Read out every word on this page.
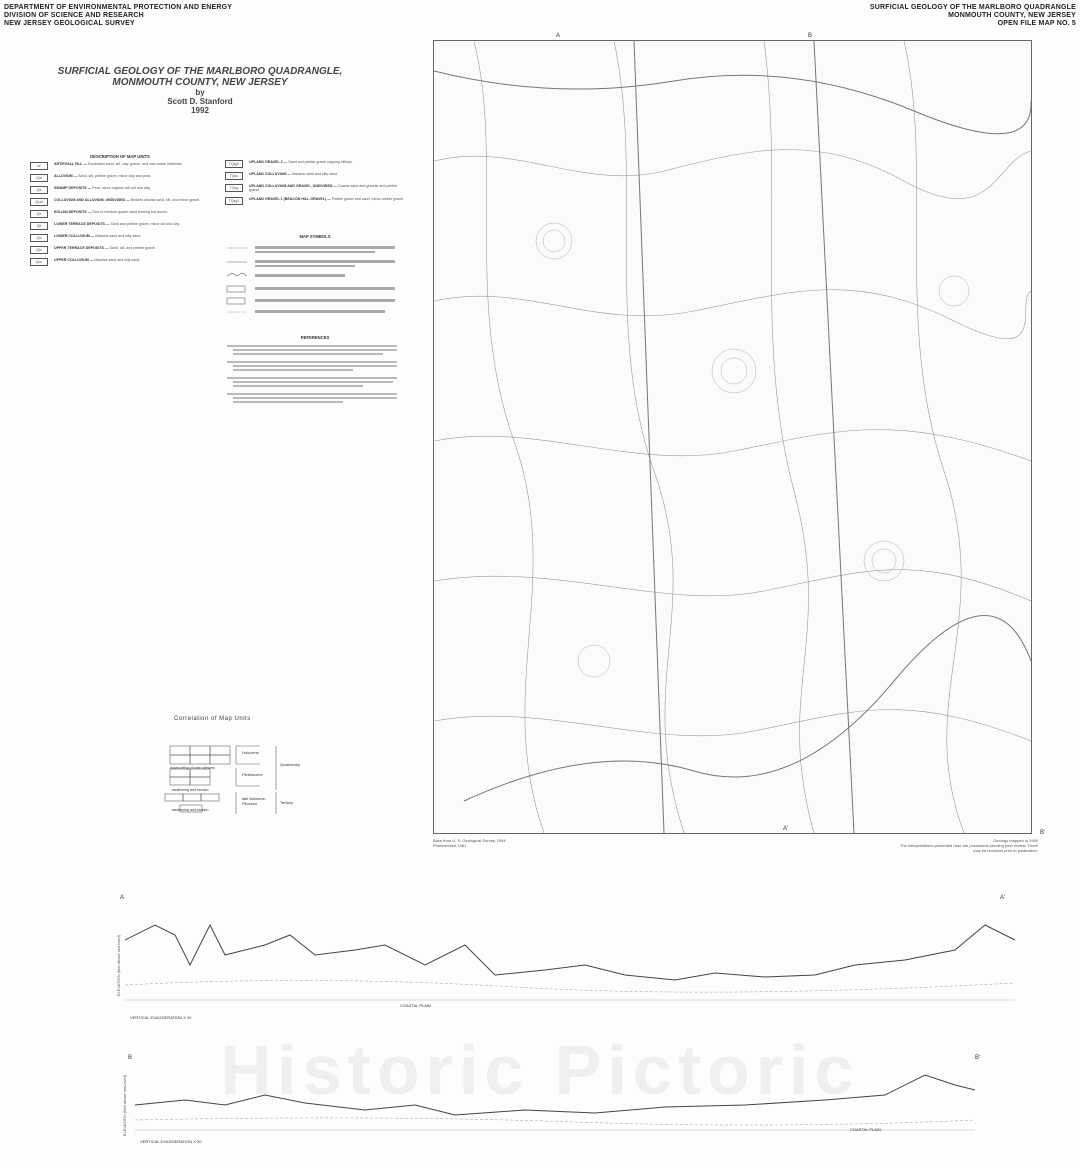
DEPARTMENT OF ENVIRONMENTAL PROTECTION AND ENERGY
DIVISION OF SCIENCE AND RESEARCH
NEW JERSEY GEOLOGICAL SURVEY
SURFICIAL GEOLOGY OF THE MARLBORO QUADRANGLE
MONMOUTH COUNTY, NEW JERSEY
OPEN FILE MAP NO. 5
SURFICIAL GEOLOGY OF THE MARLBORO QUADRANGLE,
MONMOUTH COUNTY, NEW JERSEY
by
Scott D. Stanford
1992
DESCRIPTION OF MAP UNITS
af	ARTIFICIAL FILL — Excavated sand, silt, clay, gravel, and man-made materials.
Qal	ALLUVIUM — Sand, silt, pebble gravel, minor clay and peat.
Qs	SWAMP DEPOSITS — Peat, minor organic-rich silt and clay.
Qcal	COLLUVIUM AND ALLUVIUM, UNDIVIDED — Bedded alluvial sand, silt, and minor gravel.
Qe	EOLIAN DEPOSITS — Fine to medium quartz sand forming low dunes.
Qtl	LOWER TERRACE DEPOSITS — Sand and pebble gravel, minor silt and clay.
Qcl	LOWER COLLUVIUM — Massive sand and silty sand.
Qtu	UPPER TERRACE DEPOSITS — Sand, silt, and pebble gravel.
Qcu	UPPER COLLUVIUM — Massive sand and silty sand.
TQsg2	UPLAND GRAVEL 2 — Sand and pebble gravel capping hilltops.
TQcu	UPLAND COLLUVIUM — Massive sand and silty sand.
TQcg	UPLAND COLLUVIUM AND GRAVEL, UNDIVIDED — Coarse sand and granule and pebble gravel.
TQsg1	UPLAND GRAVEL 1 (BEACON HILL GRAVEL) — Pebble gravel and sand, minor cobble gravel.
MAP SYMBOLS
REFERENCES
Correlation of Map Units
Holocene
Pleistocene
late Miocene-Pliocene
Quaternary
Tertiary
downcutting of main streams
weathering and erosion
weathering and erosion
A	B
A'
B'
Base from U. S. Geological Survey, 1954
Photorevised 1981
Geology mapped in 1990
The interpretations presented here are provisional pending peer review. There may be revisions prior to publication.
A	A'
VERTICAL EXAGGERATION X 20
COASTAL PLAIN
ELEVATION (feet above sea level)
B	B'
VERTICAL EXAGGERATION X 20
COASTAL PLAIN
ELEVATION (feet above sea level)	Historic Pictoric
